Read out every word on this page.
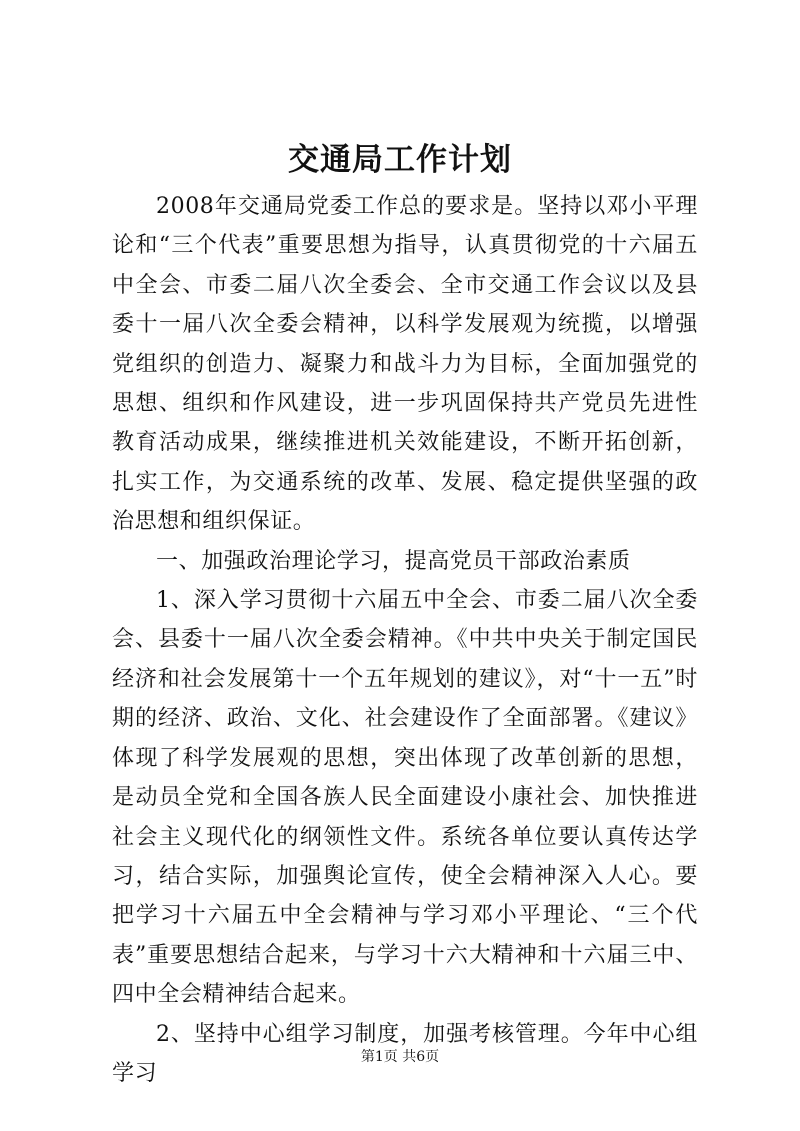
交通局工作计划

2008年交通局党委工作总的要求是。坚持以邓小平理论和“三个代表”重要思想为指导，认真贯彻党的十六届五中全会、市委二届八次全委会、全市交通工作会议以及县委十一届八次全委会精神，以科学发展观为统揽，以增强党组织的创造力、凝聚力和战斗力为目标，全面加强党的思想、组织和作风建设，进一步巩固保持共产党员先进性教育活动成果，继续推进机关效能建设，不断开拓创新，扎实工作，为交通系统的改革、发展、稳定提供坚强的政治思想和组织保证。

一、加强政治理论学习，提高党员干部政治素质

1、深入学习贯彻十六届五中全会、市委二届八次全委会、县委十一届八次全委会精神。《中共中央关于制定国民经济和社会发展第十一个五年规划的建议》，对“十一五”时期的经济、政治、文化、社会建设作了全面部署。《建议》体现了科学发展观的思想，突出体现了改革创新的思想，是动员全党和全国各族人民全面建设小康社会、加快推进社会主义现代化的纲领性文件。系统各单位要认真传达学习，结合实际，加强舆论宣传，使全会精神深入人心。要把学习十六届五中全会精神与学习邓小平理论、“三个代表”重要思想结合起来，与学习十六大精神和十六届三中、四中全会精神结合起来。

2、坚持中心组学习制度，加强考核管理。今年中心组学习

第1页 共6页
